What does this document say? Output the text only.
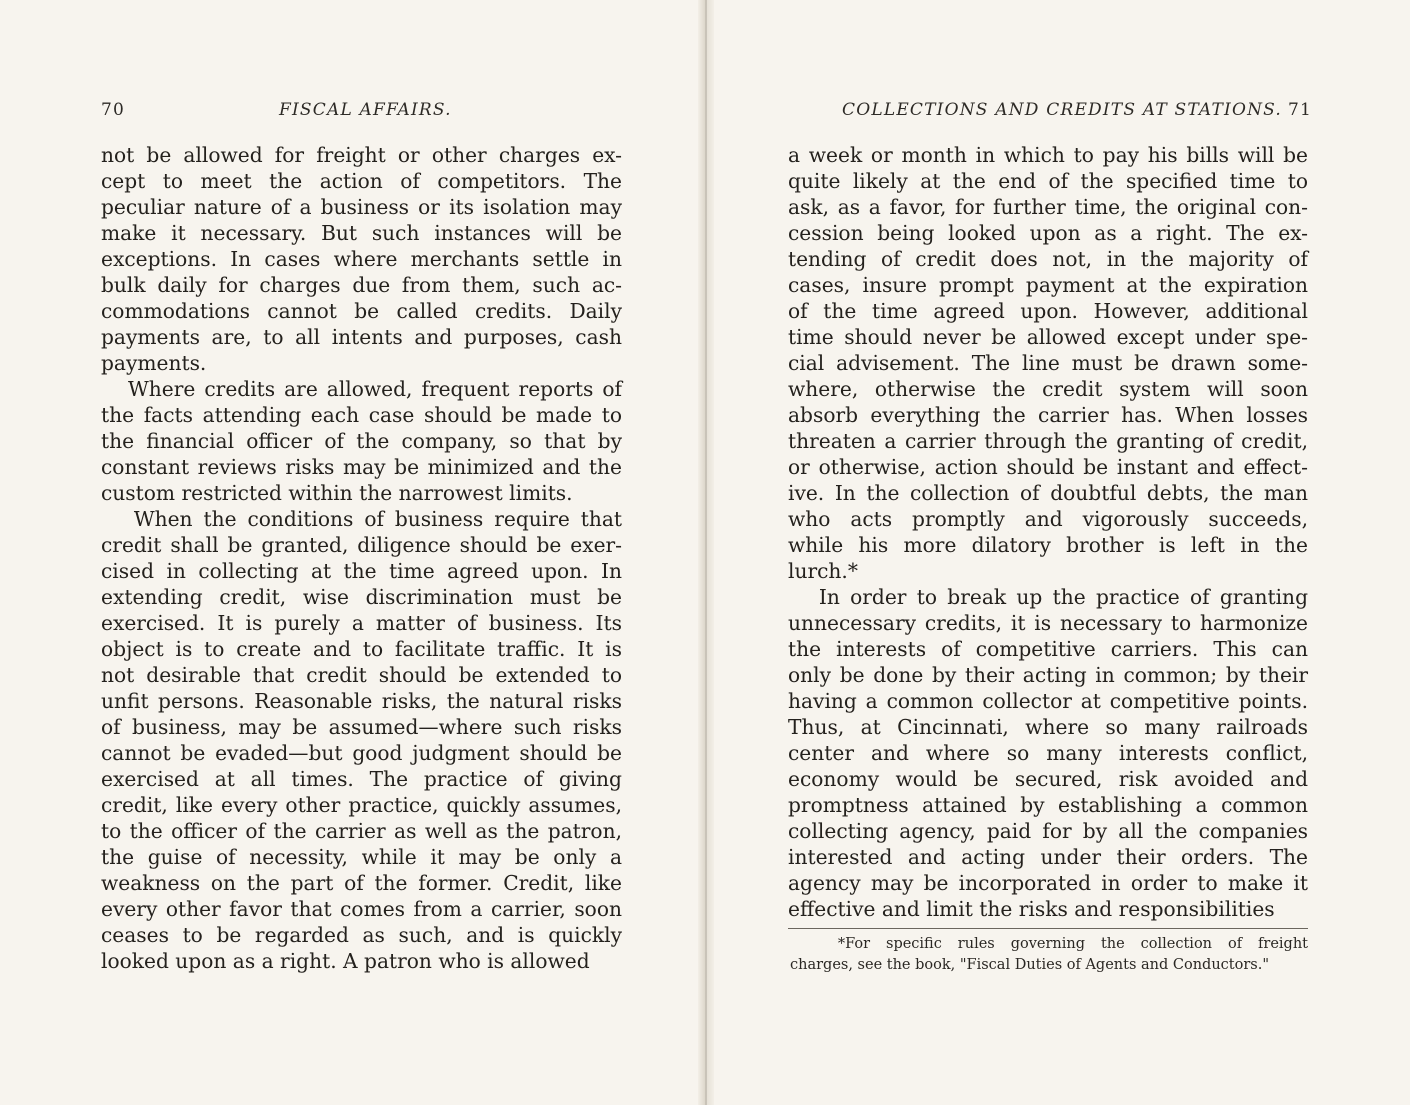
70	FISCAL AFFAIRS.
not be allowed for freight or other charges ex-
cept to meet the action of competitors. The
peculiar nature of a business or its isolation may
make it necessary. But such instances will be
exceptions. In cases where merchants settle in
bulk daily for charges due from them, such ac-
commodations cannot be called credits. Daily
payments are, to all intents and purposes, cash
payments.
Where credits are allowed, frequent reports of
the facts attending each case should be made to
the financial officer of the company, so that by
constant reviews risks may be minimized and the
custom restricted within the narrowest limits.
When the conditions of business require that
credit shall be granted, diligence should be exer-
cised in collecting at the time agreed upon. In
extending credit, wise discrimination must be
exercised. It is purely a matter of business. Its
object is to create and to facilitate traffic. It is
not desirable that credit should be extended to
unfit persons. Reasonable risks, the natural risks
of business, may be assumed—where such risks
cannot be evaded—but good judgment should be
exercised at all times. The practice of giving
credit, like every other practice, quickly assumes,
to the officer of the carrier as well as the patron,
the guise of necessity, while it may be only a
weakness on the part of the former. Credit, like
every other favor that comes from a carrier, soon
ceases to be regarded as such, and is quickly
looked upon as a right. A patron who is allowed
COLLECTIONS AND CREDITS AT STATIONS. 71
a week or month in which to pay his bills will be
quite likely at the end of the specified time to
ask, as a favor, for further time, the original con-
cession being looked upon as a right. The ex-
tending of credit does not, in the majority of
cases, insure prompt payment at the expiration
of the time agreed upon. However, additional
time should never be allowed except under spe-
cial advisement. The line must be drawn some-
where, otherwise the credit system will soon
absorb everything the carrier has. When losses
threaten a carrier through the granting of credit,
or otherwise, action should be instant and effect-
ive. In the collection of doubtful debts, the man
who acts promptly and vigorously succeeds,
while his more dilatory brother is left in the
lurch.*
In order to break up the practice of granting
unnecessary credits, it is necessary to harmonize
the interests of competitive carriers. This can
only be done by their acting in common; by their
having a common collector at competitive points.
Thus, at Cincinnati, where so many railroads
center and where so many interests conflict,
economy would be secured, risk avoided and
promptness attained by establishing a common
collecting agency, paid for by all the companies
interested and acting under their orders. The
agency may be incorporated in order to make it
effective and limit the risks and responsibilities
*For specific rules governing the collection of freight
charges, see the book, "Fiscal Duties of Agents and Conductors."
